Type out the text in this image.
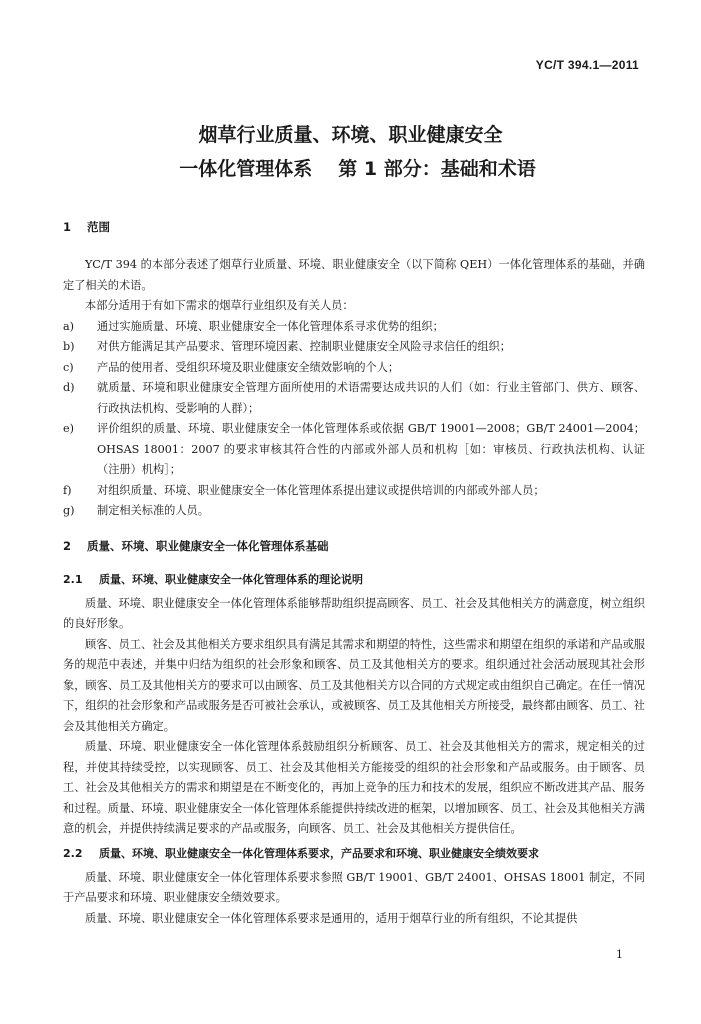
YC/T 394.1—2011
烟草行业质量、环境、职业健康安全
一体化管理体系 第 1 部分：基础和术语
1 范围

YC/T 394 的本部分表述了烟草行业质量、环境、职业健康安全（以下简称 QEH）一体化管理体系的基础，并确定了相关的术语。

本部分适用于有如下需求的烟草行业组织及有关人员：

a)	通过实施质量、环境、职业健康安全一体化管理体系寻求优势的组织；
b)	对供方能满足其产品要求、管理环境因素、控制职业健康安全风险寻求信任的组织；
c)	产品的使用者、受组织环境及职业健康安全绩效影响的个人；
d)	就质量、环境和职业健康安全管理方面所使用的术语需要达成共识的人们（如：行业主管部门、供方、顾客、行政执法机构、受影响的人群）；
e)	评价组织的质量、环境、职业健康安全一体化管理体系或依据 GB/T 19001—2008；GB/T 24001—2004；OHSAS 18001：2007 的要求审核其符合性的内部或外部人员和机构［如：审核员、行政执法机构、认证（注册）机构］；
f)	对组织质量、环境、职业健康安全一体化管理体系提出建议或提供培训的内部或外部人员；
g)	制定相关标准的人员。
2 质量、环境、职业健康安全一体化管理体系基础
2.1 质量、环境、职业健康安全一体化管理体系的理论说明

质量、环境、职业健康安全一体化管理体系能够帮助组织提高顾客、员工、社会及其他相关方的满意度，树立组织的良好形象。

顾客、员工、社会及其他相关方要求组织具有满足其需求和期望的特性，这些需求和期望在组织的承诺和产品或服务的规范中表述，并集中归结为组织的社会形象和顾客、员工及其他相关方的要求。组织通过社会活动展现其社会形象，顾客、员工及其他相关方的要求可以由顾客、员工及其他相关方以合同的方式规定或由组织自己确定。在任一情况下，组织的社会形象和产品或服务是否可被社会承认，或被顾客、员工及其他相关方所接受，最终都由顾客、员工、社会及其他相关方确定。

质量、环境、职业健康安全一体化管理体系鼓励组织分析顾客、员工、社会及其他相关方的需求，规定相关的过程，并使其持续受控，以实现顾客、员工、社会及其他相关方能接受的组织的社会形象和产品或服务。由于顾客、员工、社会及其他相关方的需求和期望是在不断变化的，再加上竞争的压力和技术的发展，组织应不断改进其产品、服务和过程。质量、环境、职业健康安全一体化管理体系能提供持续改进的框架，以增加顾客、员工、社会及其他相关方满意的机会，并提供持续满足要求的产品或服务，向顾客、员工、社会及其他相关方提供信任。

2.2 质量、环境、职业健康安全一体化管理体系要求，产品要求和环境、职业健康安全绩效要求

质量、环境、职业健康安全一体化管理体系要求参照 GB/T 19001、GB/T 24001、OHSAS 18001 制定，不同于产品要求和环境、职业健康安全绩效要求。

质量、环境、职业健康安全一体化管理体系要求是通用的，适用于烟草行业的所有组织，不论其提供

1
